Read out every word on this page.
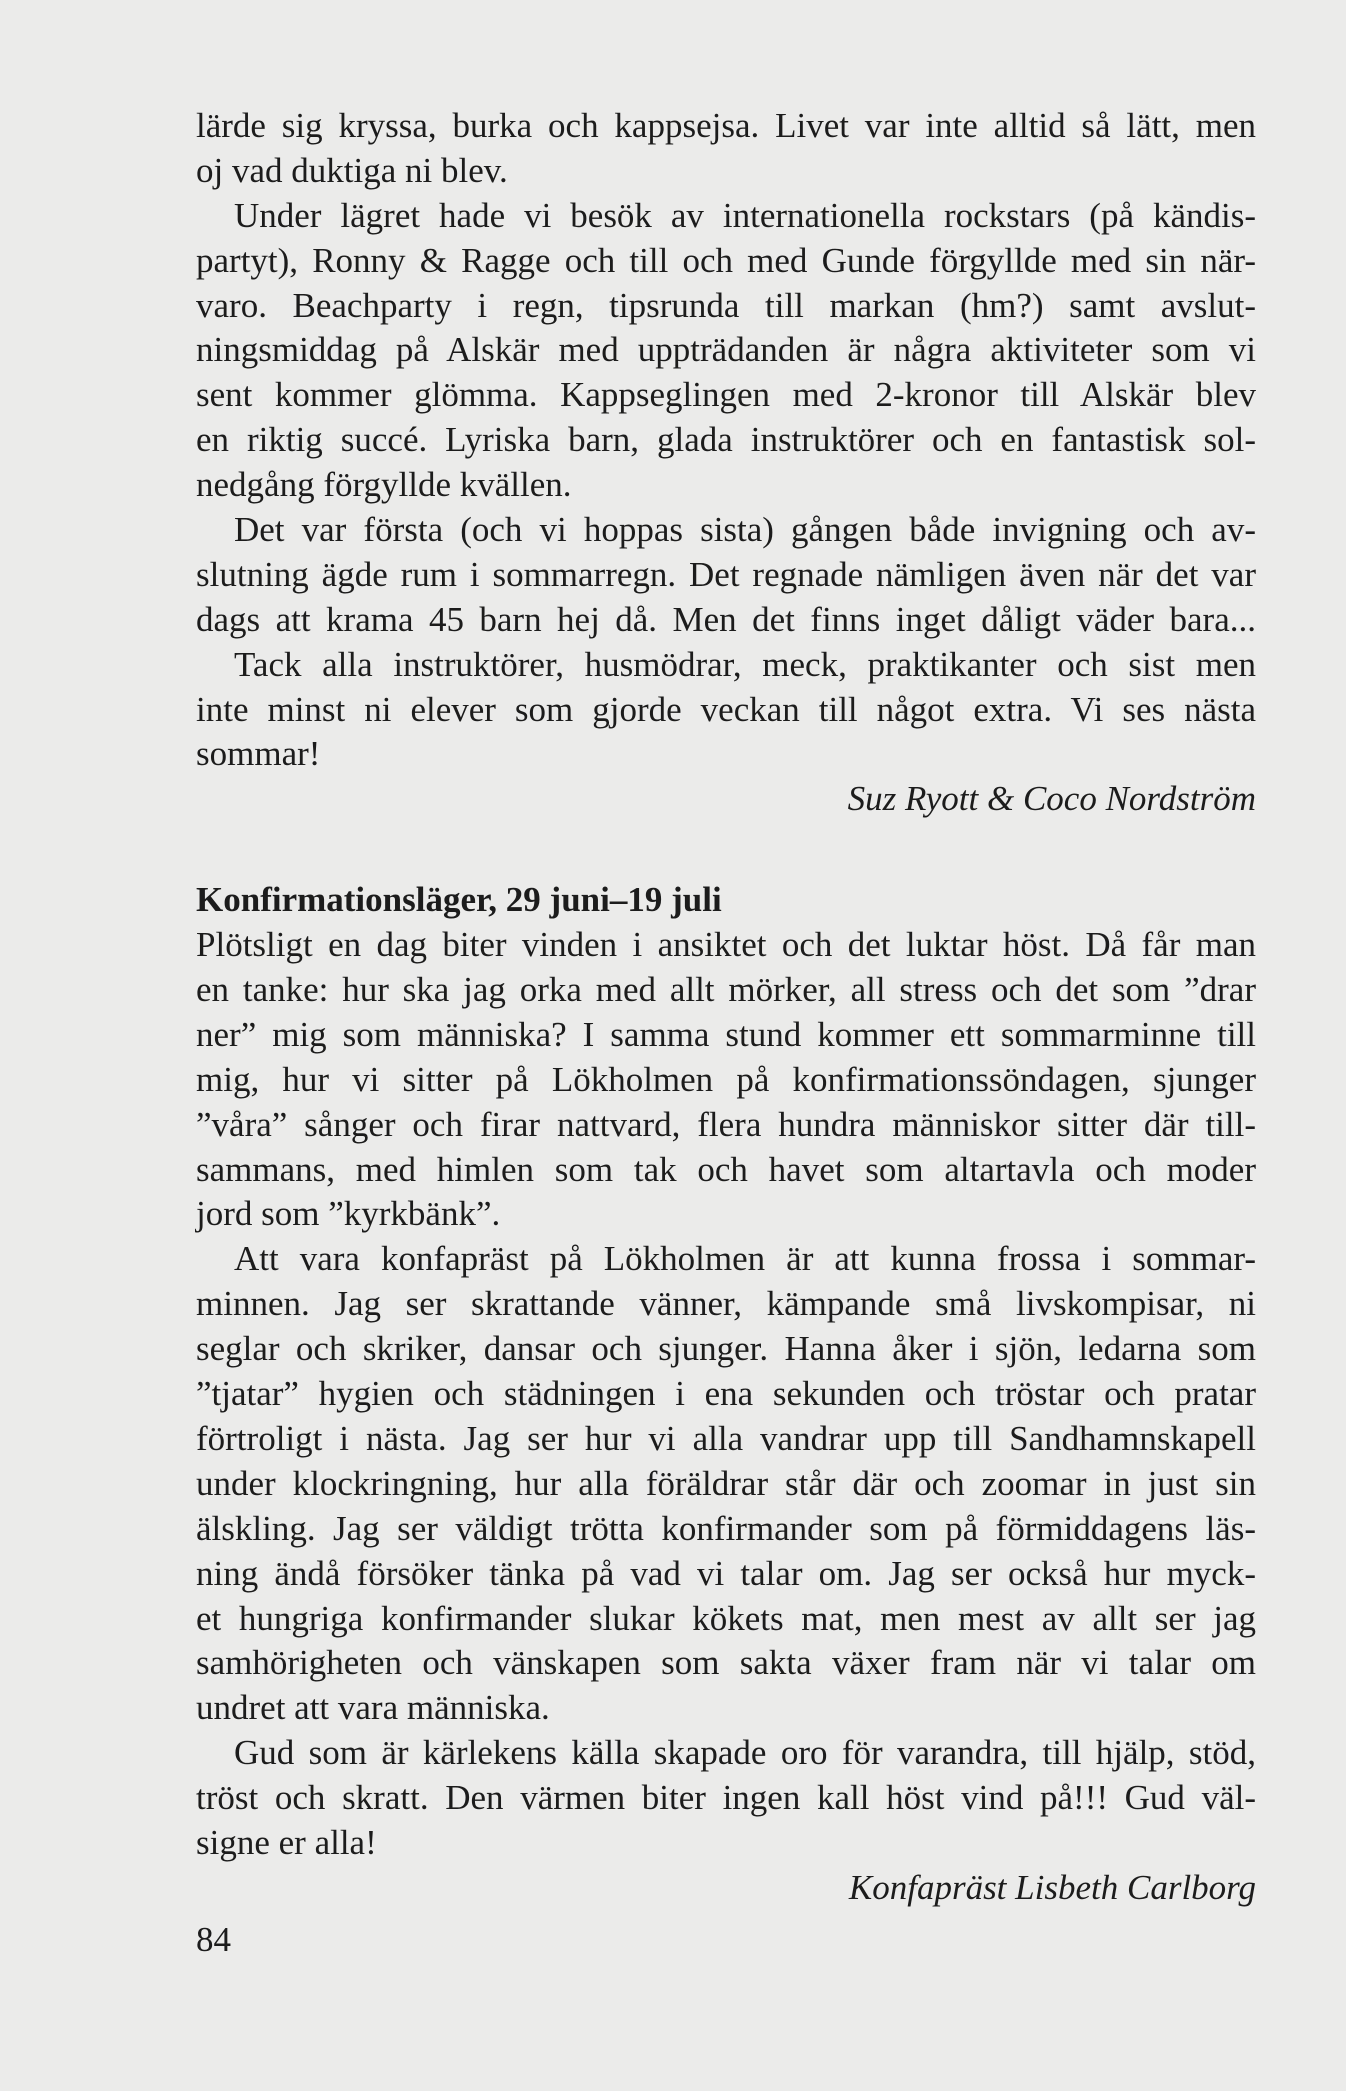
lärde sig kryssa, burka och kappsejsa. Livet var inte alltid så lätt, men
oj vad duktiga ni blev.
Under lägret hade vi besök av internationella rockstars (på kändis-
partyt), Ronny & Ragge och till och med Gunde förgyllde med sin när-
varo. Beachparty i regn, tipsrunda till markan (hm?) samt avslut-
ningsmiddag på Alskär med uppträdanden är några aktiviteter som vi
sent kommer glömma. Kappseglingen med 2-kronor till Alskär blev
en riktig succé. Lyriska barn, glada instruktörer och en fantastisk sol-
nedgång förgyllde kvällen.
Det var första (och vi hoppas sista) gången både invigning och av-
slutning ägde rum i sommarregn. Det regnade nämligen även när det var
dags att krama 45 barn hej då. Men det finns inget dåligt väder bara...
Tack alla instruktörer, husmödrar, meck, praktikanter och sist men
inte minst ni elever som gjorde veckan till något extra. Vi ses nästa
sommar!
Suz Ryott & Coco Nordström
Konfirmationsläger, 29 juni–19 juli
Plötsligt en dag biter vinden i ansiktet och det luktar höst. Då får man
en tanke: hur ska jag orka med allt mörker, all stress och det som ”drar
ner” mig som människa? I samma stund kommer ett sommarminne till
mig, hur vi sitter på Lökholmen på konfirmationssöndagen, sjunger
”våra” sånger och firar nattvard, flera hundra människor sitter där till-
sammans, med himlen som tak och havet som altartavla och moder
jord som ”kyrkbänk”.
Att vara konfapräst på Lökholmen är att kunna frossa i sommar-
minnen. Jag ser skrattande vänner, kämpande små livskompisar, ni
seglar och skriker, dansar och sjunger. Hanna åker i sjön, ledarna som
”tjatar” hygien och städningen i ena sekunden och tröstar och pratar
förtroligt i nästa. Jag ser hur vi alla vandrar upp till Sandhamnskapell
under klockringning, hur alla föräldrar står där och zoomar in just sin
älskling. Jag ser väldigt trötta konfirmander som på förmiddagens läs-
ning ändå försöker tänka på vad vi talar om. Jag ser också hur myck-
et hungriga konfirmander slukar kökets mat, men mest av allt ser jag
samhörigheten och vänskapen som sakta växer fram när vi talar om
undret att vara människa.
Gud som är kärlekens källa skapade oro för varandra, till hjälp, stöd,
tröst och skratt. Den värmen biter ingen kall höst vind på!!! Gud väl-
signe er alla!
Konfapräst Lisbeth Carlborg
84
